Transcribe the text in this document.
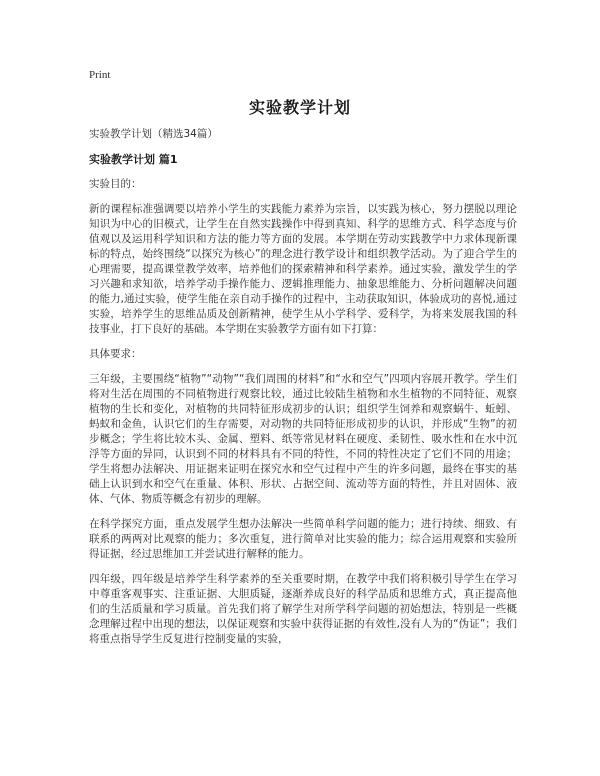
Print
实验教学计划
实验教学计划（精选34篇）
实验教学计划 篇1
实验目的：
新的课程标准强调要以培养小学生的实践能力素养为宗旨，以实践为核心，努力摆脱以理论知识为中心的旧模式，让学生在自然实践操作中得到真知、科学的思维方式、科学态度与价值观以及运用科学知识和方法的能力等方面的发展。本学期在劳动实践教学中力求体现新课标的特点，始终围绕“以探究为核心”的理念进行教学设计和组织教学活动。为了迎合学生的心理需要，提高课堂教学效率，培养他们的探索精神和科学素养。通过实验，激发学生的学习兴趣和求知欲，培养学动手操作能力、逻辑推理能力、抽象思维能力、分析问题解决问题的能力,通过实验，使学生能在亲自动手操作的过程中，主动获取知识，体验成功的喜悦,通过实验，培养学生的思维品质及创新精神，使学生从小学科学、爱科学，为将来发展我国的科技事业，打下良好的基础。本学期在实验教学方面有如下打算：
具体要求：
三年级，主要围绕“植物”“动物”“我们周围的材料”和“水和空气”四项内容展开教学。学生们将对生活在周围的不同植物进行观察比较，通过比较陆生植物和水生植物的不同特征、观察植物的生长和变化，对植物的共同特征形成初步的认识；组织学生饲养和观察蜗牛、蚯蚓、蚂蚁和金鱼，认识它们的生存需要，对动物的共同特征形成初步的认识，并形成“生物”的初步概念；学生将比较木头、金属、塑料、纸等常见材料在硬度、柔韧性、吸水性和在水中沉浮等方面的异同，认识到不同的材料具有不同的特性，不同的特性决定了它们不同的用途；学生将想办法解决、用证据来证明在探究水和空气过程中产生的许多问题，最终在事实的基础上认识到水和空气在重量、体积、形状、占据空间、流动等方面的特性，并且对固体、液体、气体、物质等概念有初步的理解。
在科学探究方面，重点发展学生想办法解决一些简单科学问题的能力；进行持续、细致、有联系的两两对比观察的能力；多次重复，进行简单对比实验的能力；综合运用观察和实验所得证据，经过思维加工并尝试进行解释的能力。
四年级，四年级是培养学生科学素养的至关重要时期，在教学中我们将积极引导学生在学习中尊重客观事实、注重证据、大胆质疑，逐渐养成良好的科学品质和思维方式，真正提高他们的生活质量和学习质量。首先我们将了解学生对所学科学问题的初始想法，特别是一些概念理解过程中出现的想法，以保证观察和实验中获得证据的有效性,没有人为的“伪证”；我们将重点指导学生反复进行控制变量的实验，
